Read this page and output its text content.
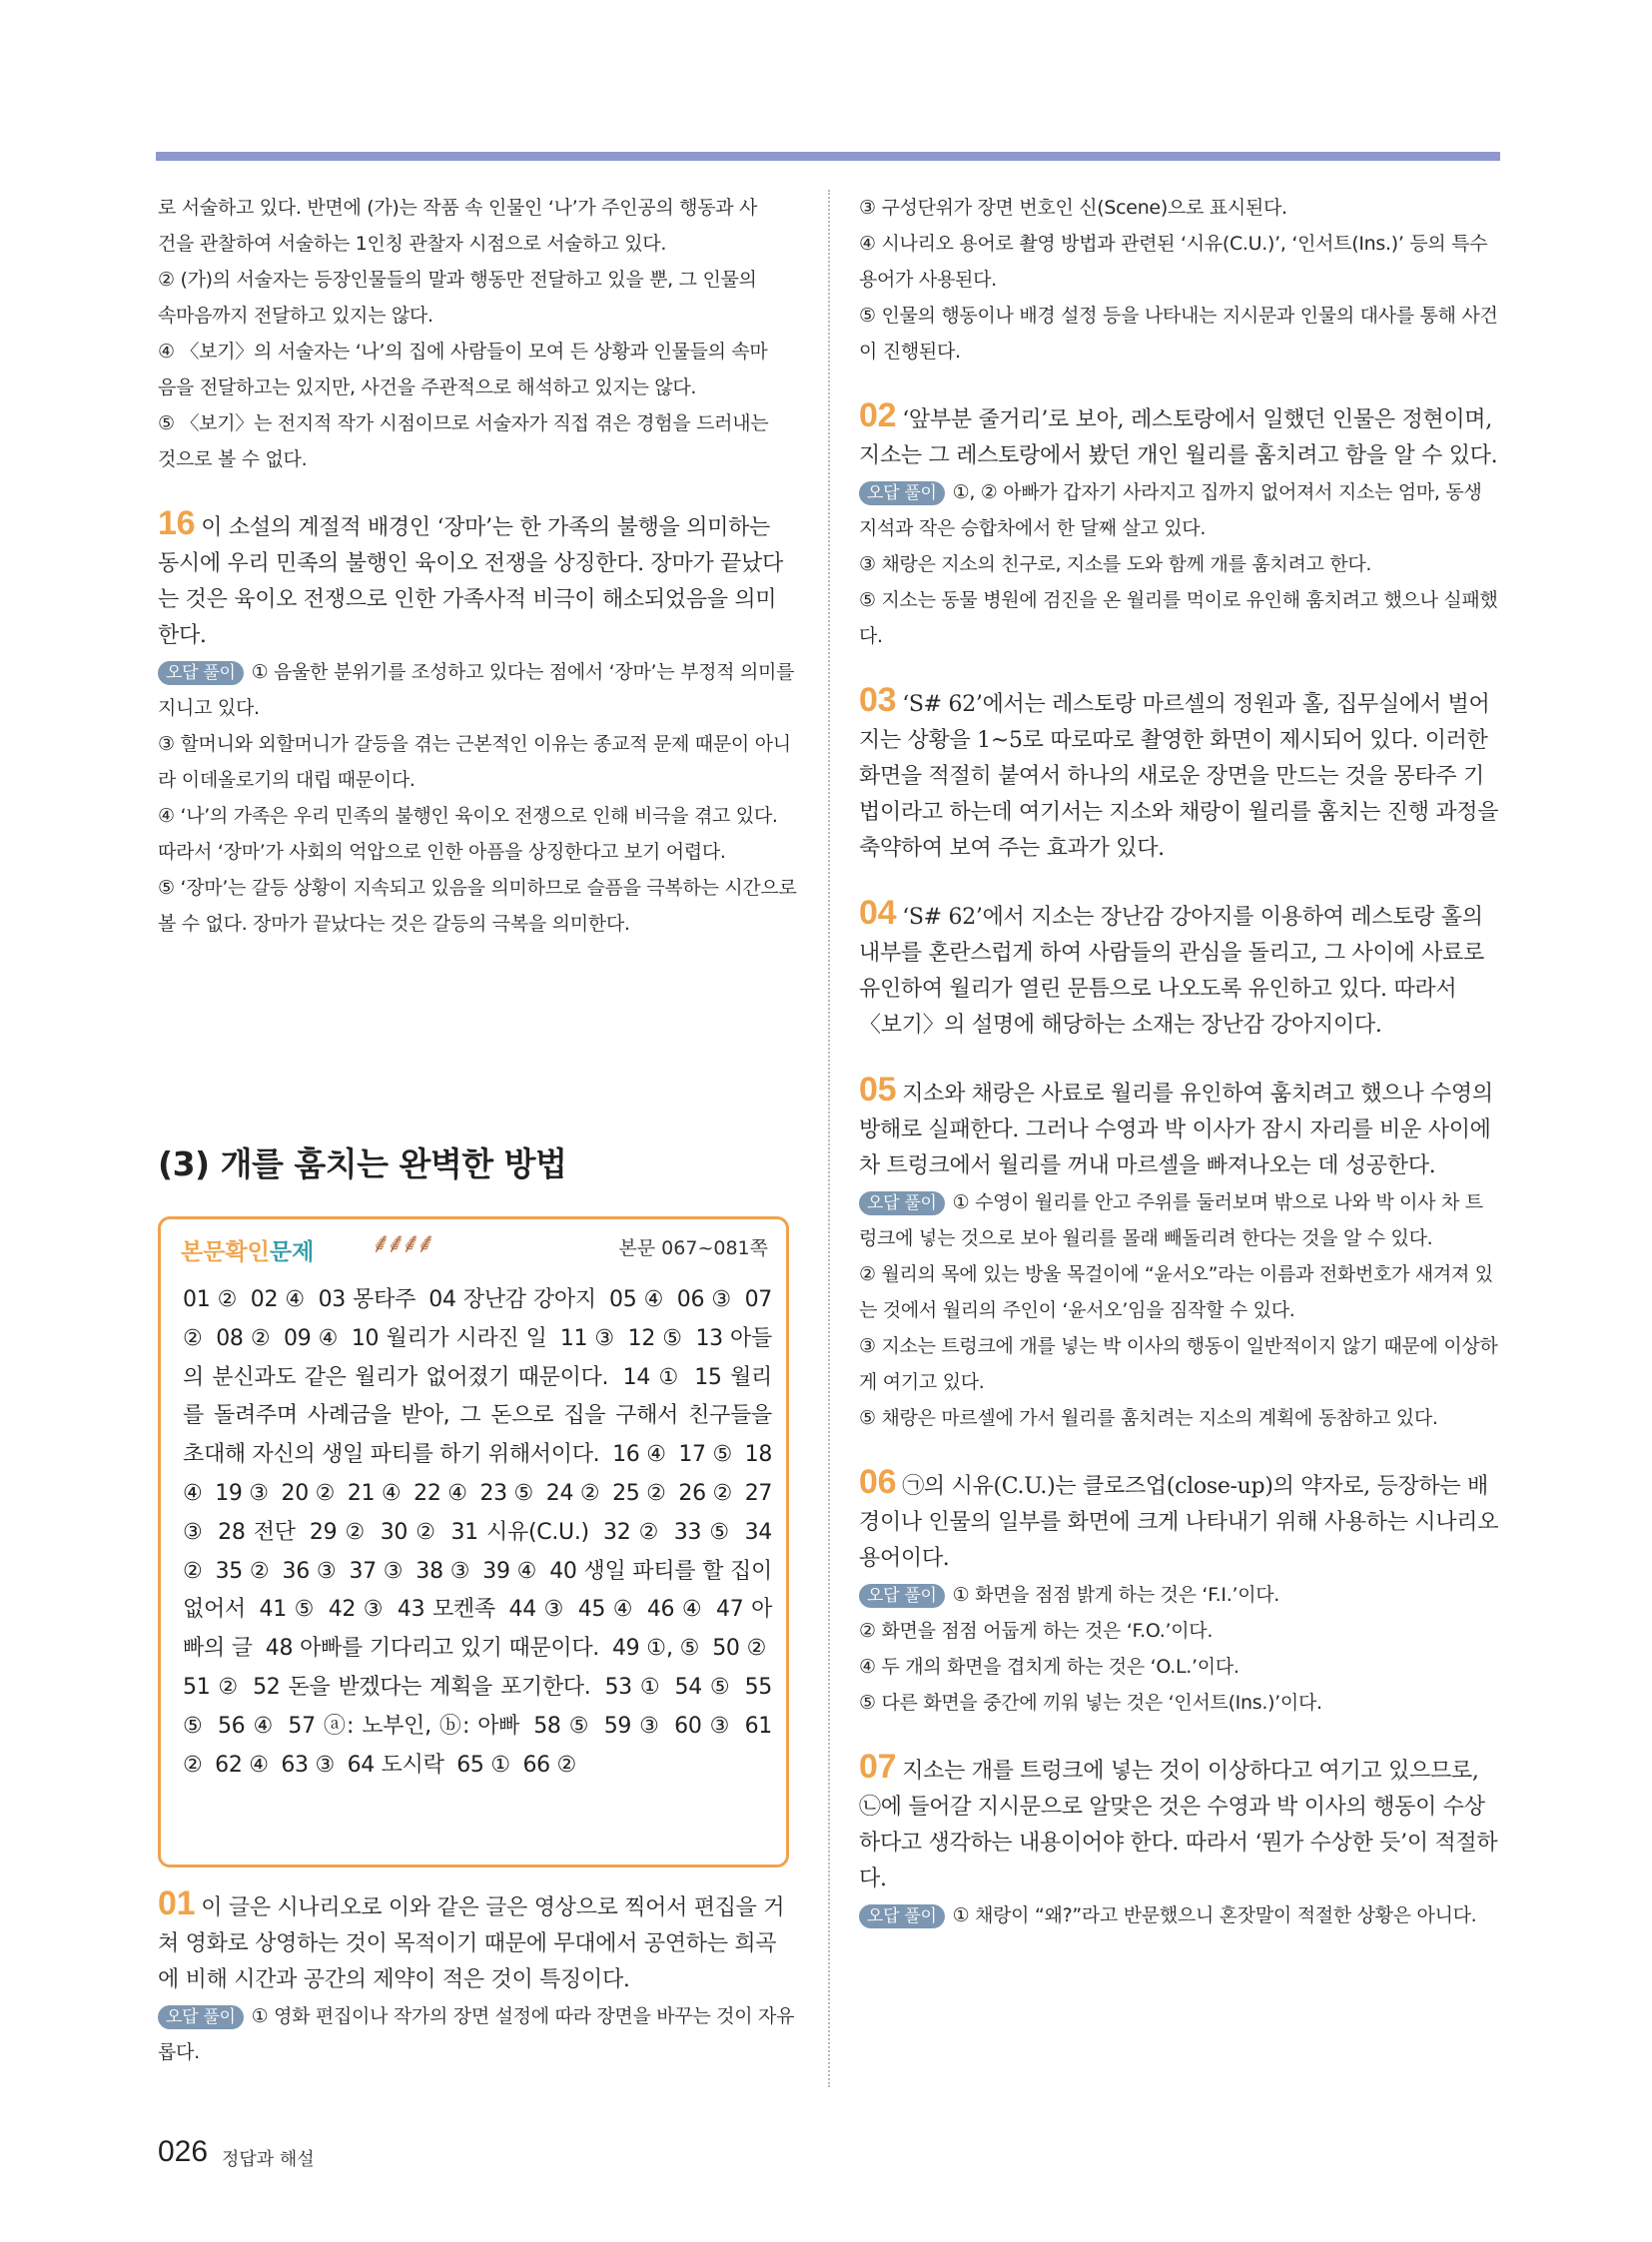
로 서술하고 있다. 반면에 (가)는 작품 속 인물인 ‘나’가 주인공의 행동과 사

건을 관찰하여 서술하는 1인칭 관찰자 시점으로 서술하고 있다.

② (가)의 서술자는 등장인물들의 말과 행동만 전달하고 있을 뿐, 그 인물의

속마음까지 전달하고 있지는 않다.

④ 〈보기〉의 서술자는 ‘나’의 집에 사람들이 모여 든 상황과 인물들의 속마

음을 전달하고는 있지만, 사건을 주관적으로 해석하고 있지는 않다.

⑤ 〈보기〉는 전지적 작가 시점이므로 서술자가 직접 겪은 경험을 드러내는

것으로 볼 수 없다.

16 이 소설의 계절적 배경인 ‘장마’는 한 가족의 불행을 의미하는 동시에 우리 민족의 불행인 육이오 전쟁을 상징한다. 장마가 끝났다는 것은 육이오 전쟁으로 인한 가족사적 비극이 해소되었음을 의미한다.

오답 풀이 ① 음울한 분위기를 조성하고 있다는 점에서 ‘장마’는 부정적 의미를 지니고 있다.

③ 할머니와 외할머니가 갈등을 겪는 근본적인 이유는 종교적 문제 때문이 아니라 이데올로기의 대립 때문이다.

④ ‘나’의 가족은 우리 민족의 불행인 육이오 전쟁으로 인해 비극을 겪고 있다. 따라서 ‘장마’가 사회의 억압으로 인한 아픔을 상징한다고 보기 어렵다.

⑤ ‘장마’는 갈등 상황이 지속되고 있음을 의미하므로 슬픔을 극복하는 시간으로 볼 수 없다. 장마가 끝났다는 것은 갈등의 극복을 의미한다.

(3) 개를 훔치는 완벽한 방법
본문확인문제 ⸙⸙⸙⸙	본문 067~081쪽
01 ② 02 ④ 03 몽타주 04 장난감 강아지 05 ④ 06 ③ 07 ② 08 ② 09 ④ 10 월리가 시라진 일 11 ③ 12 ⑤ 13 아들의 분신과도 같은 월리가 없어졌기 때문이다. 14 ① 15 월리를 돌려주며 사례금을 받아, 그 돈으로 집을 구해서 친구들을 초대해 자신의 생일 파티를 하기 위해서이다. 16 ④ 17 ⑤ 18 ④ 19 ③ 20 ② 21 ④ 22 ④ 23 ⑤ 24 ② 25 ② 26 ② 27 ③ 28 전단 29 ② 30 ② 31 시유(C.U.) 32 ② 33 ⑤ 34 ② 35 ② 36 ③ 37 ③ 38 ③ 39 ④ 40 생일 파티를 할 집이 없어서 41 ⑤ 42 ③ 43 모켄족 44 ③ 45 ④ 46 ④ 47 아빠의 글 48 아빠를 기다리고 있기 때문이다. 49 ①, ⑤ 50 ② 51 ② 52 돈을 받겠다는 계획을 포기한다. 53 ① 54 ⑤ 55 ⑤ 56 ④ 57 ⓐ: 노부인, ⓑ: 아빠 58 ⑤ 59 ③ 60 ③ 61 ② 62 ④ 63 ③ 64 도시락 65 ① 66 ②

01 이 글은 시나리오로 이와 같은 글은 영상으로 찍어서 편집을 거쳐 영화로 상영하는 것이 목적이기 때문에 무대에서 공연하는 희곡에 비해 시간과 공간의 제약이 적은 것이 특징이다.

오답 풀이 ① 영화 편집이나 작가의 장면 설정에 따라 장면을 바꾸는 것이 자유롭다.

③ 구성단위가 장면 번호인 신(Scene)으로 표시된다.

④ 시나리오 용어로 촬영 방법과 관련된 ‘시유(C.U.)’, ‘인서트(Ins.)’ 등의 특수 용어가 사용된다.

⑤ 인물의 행동이나 배경 설정 등을 나타내는 지시문과 인물의 대사를 통해 사건이 진행된다.

02 ‘앞부분 줄거리’로 보아, 레스토랑에서 일했던 인물은 정현이며, 지소는 그 레스토랑에서 봤던 개인 월리를 훔치려고 함을 알 수 있다.

오답 풀이 ①, ② 아빠가 갑자기 사라지고 집까지 없어져서 지소는 엄마, 동생 지석과 작은 승합차에서 한 달째 살고 있다.

③ 채랑은 지소의 친구로, 지소를 도와 함께 개를 훔치려고 한다.

⑤ 지소는 동물 병원에 검진을 온 월리를 먹이로 유인해 훔치려고 했으나 실패했다.

03 ‘S# 62’에서는 레스토랑 마르셀의 정원과 홀, 집무실에서 벌어지는 상황을 1~5로 따로따로 촬영한 화면이 제시되어 있다. 이러한 화면을 적절히 붙여서 하나의 새로운 장면을 만드는 것을 몽타주 기법이라고 하는데 여기서는 지소와 채랑이 월리를 훔치는 진행 과정을 축약하여 보여 주는 효과가 있다.

04 ‘S# 62’에서 지소는 장난감 강아지를 이용하여 레스토랑 홀의 내부를 혼란스럽게 하여 사람들의 관심을 돌리고, 그 사이에 사료로 유인하여 월리가 열린 문틈으로 나오도록 유인하고 있다. 따라서 〈보기〉의 설명에 해당하는 소재는 장난감 강아지이다.

05 지소와 채랑은 사료로 월리를 유인하여 훔치려고 했으나 수영의 방해로 실패한다. 그러나 수영과 박 이사가 잠시 자리를 비운 사이에 차 트렁크에서 월리를 꺼내 마르셀을 빠져나오는 데 성공한다.

오답 풀이 ① 수영이 월리를 안고 주위를 둘러보며 밖으로 나와 박 이사 차 트렁크에 넣는 것으로 보아 월리를 몰래 빼돌리려 한다는 것을 알 수 있다.

② 월리의 목에 있는 방울 목걸이에 “윤서오”라는 이름과 전화번호가 새겨져 있는 것에서 월리의 주인이 ‘윤서오’임을 짐작할 수 있다.

③ 지소는 트렁크에 개를 넣는 박 이사의 행동이 일반적이지 않기 때문에 이상하게 여기고 있다.

⑤ 채랑은 마르셀에 가서 월리를 훔치려는 지소의 계획에 동참하고 있다.

06 ㉠의 시유(C.U.)는 클로즈업(close-up)의 약자로, 등장하는 배경이나 인물의 일부를 화면에 크게 나타내기 위해 사용하는 시나리오 용어이다.

오답 풀이 ① 화면을 점점 밝게 하는 것은 ‘F.I.’이다.

② 화면을 점점 어둡게 하는 것은 ‘F.O.’이다.

④ 두 개의 화면을 겹치게 하는 것은 ‘O.L.’이다.

⑤ 다른 화면을 중간에 끼워 넣는 것은 ‘인서트(Ins.)’이다.

07 지소는 개를 트렁크에 넣는 것이 이상하다고 여기고 있으므로, ㉡에 들어갈 지시문으로 알맞은 것은 수영과 박 이사의 행동이 수상하다고 생각하는 내용이어야 한다. 따라서 ‘뭔가 수상한 듯’이 적절하다.

오답 풀이 ① 채랑이 “왜?”라고 반문했으니 혼잣말이 적절한 상황은 아니다.

026 정답과 해설
